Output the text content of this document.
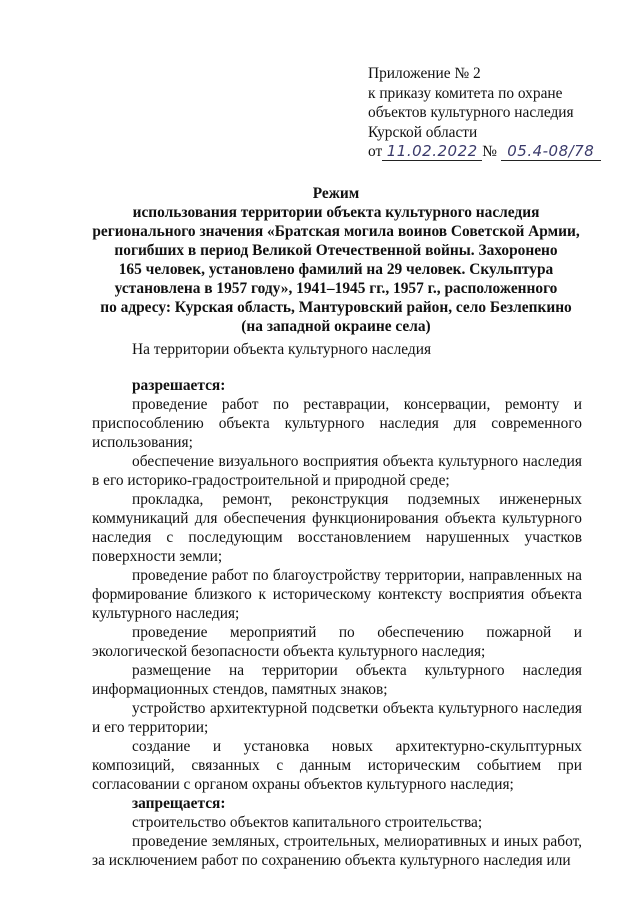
Приложение № 2
к приказу комитета по охране
объектов культурного наследия
Курской области
от 11.02.2022 № 05.4-08/78
Режим
использования территории объекта культурного наследия
регионального значения «Братская могила воинов Советской Армии,
погибших в период Великой Отечественной войны. Захоронено
165 человек, установлено фамилий на 29 человек. Скульптура
установлена в 1957 году», 1941–1945 гг., 1957 г., расположенного
по адресу: Курская область, Мантуровский район, село Безлепкино
(на западной окраине села)

На территории объекта культурного наследия

разрешается:

проведение работ по реставрации, консервации, ремонту и приспособлению объекта культурного наследия для современного использования;

обеспечение визуального восприятия объекта культурного наследия в его историко-градостроительной и природной среде;

прокладка, ремонт, реконструкция подземных инженерных коммуникаций для обеспечения функционирования объекта культурного наследия с последующим восстановлением нарушенных участков поверхности земли;

проведение работ по благоустройству территории, направленных на формирование близкого к историческому контексту восприятия объекта культурного наследия;

проведение мероприятий по обеспечению пожарной и экологической безопасности объекта культурного наследия;

размещение на территории объекта культурного наследия информационных стендов, памятных знаков;

устройство архитектурной подсветки объекта культурного наследия и его территории;

создание и установка новых архитектурно-скульптурных композиций, связанных с данным историческим событием при согласовании с органом охраны объектов культурного наследия;

запрещается:

строительство объектов капитального строительства;

проведение земляных, строительных, мелиоративных и иных работ, за исключением работ по сохранению объекта культурного наследия или
